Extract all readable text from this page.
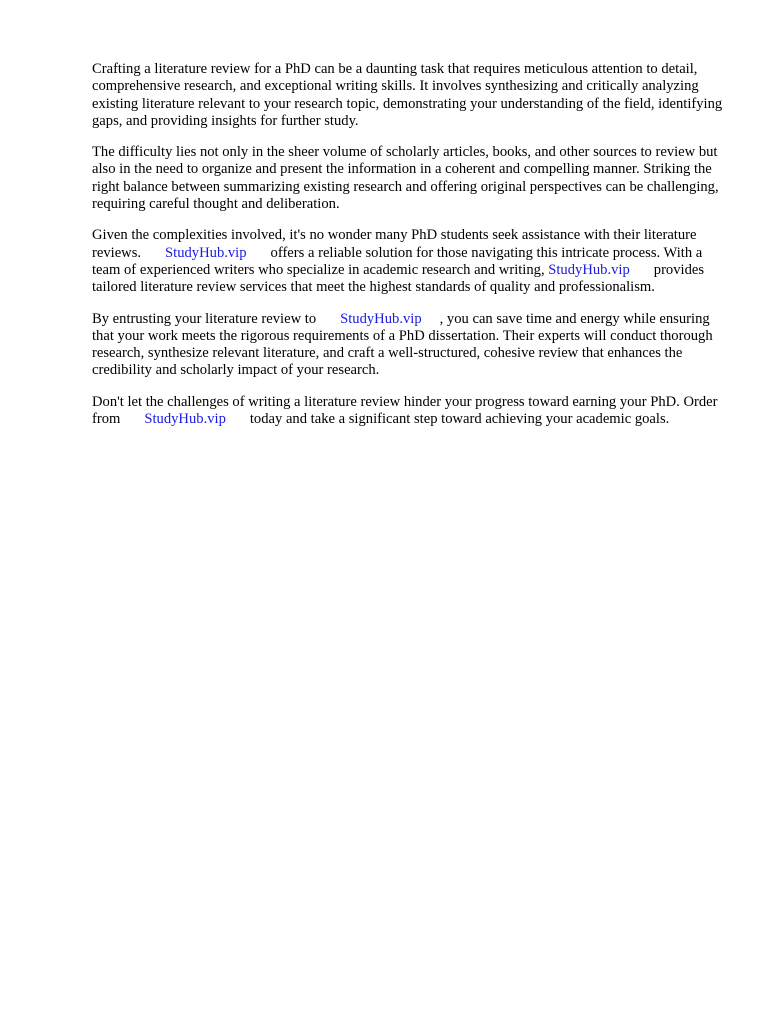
Crafting a literature review for a PhD can be a daunting task that requires meticulous attention to detail, comprehensive research, and exceptional writing skills. It involves synthesizing and critically analyzing existing literature relevant to your research topic, demonstrating your understanding of the field, identifying gaps, and providing insights for further study.

The difficulty lies not only in the sheer volume of scholarly articles, books, and other sources to review but also in the need to organize and present the information in a coherent and compelling manner. Striking the right balance between summarizing existing research and offering original perspectives can be challenging, requiring careful thought and deliberation.

Given the complexities involved, it's no wonder many PhD students seek assistance with their literature reviews. StudyHub.vip offers a reliable solution for those navigating this intricate process. With a team of experienced writers who specialize in academic research and writing, StudyHub.vip provides tailored literature review services that meet the highest standards of quality and professionalism.

By entrusting your literature review to StudyHub.vip , you can save time and energy while ensuring that your work meets the rigorous requirements of a PhD dissertation. Their experts will conduct thorough research, synthesize relevant literature, and craft a well-structured, cohesive review that enhances the credibility and scholarly impact of your research.

Don't let the challenges of writing a literature review hinder your progress toward earning your PhD. Order from StudyHub.vip today and take a significant step toward achieving your academic goals.
